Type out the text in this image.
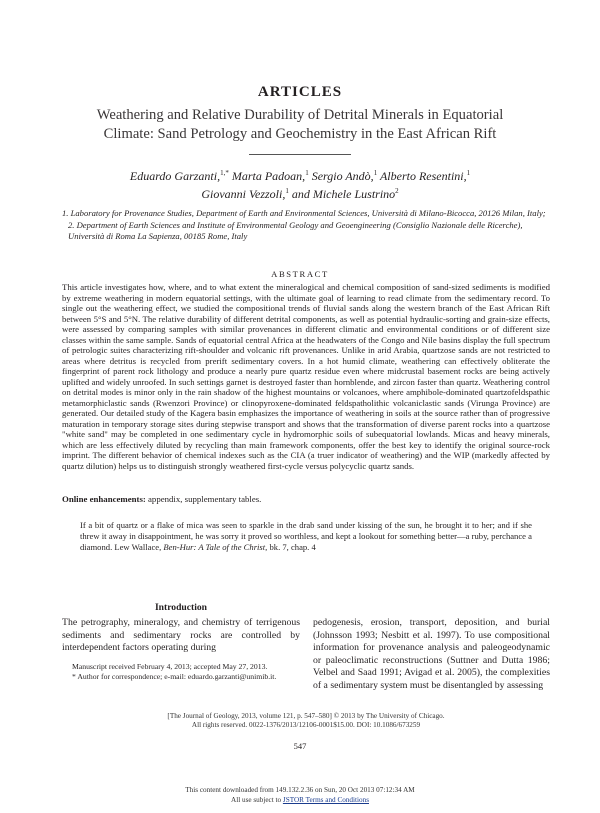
ARTICLES
Weathering and Relative Durability of Detrital Minerals in Equatorial
Climate: Sand Petrology and Geochemistry in the East African Rift
Eduardo Garzanti,$^{1,*}$ Marta Padoan,$^1$ Sergio Andò,$^1$ Alberto Resentini,$^1$
Giovanni Vezzoli,$^1$ and Michele Lustrino$^2$
1. Laboratory for Provenance Studies, Department of Earth and Environmental Sciences, Università di Milano-Bicocca, 20126 Milan, Italy; 2. Department of Earth Sciences and Institute of Environmental Geology and Geoengineering (Consiglio Nazionale delle Ricerche), Università di Roma La Sapienza, 00185 Rome, Italy
ABSTRACT
This article investigates how, where, and to what extent the mineralogical and chemical composition of sand-sized sediments is modified by extreme weathering in modern equatorial settings, with the ultimate goal of learning to read climate from the sedimentary record. To single out the weathering effect, we studied the compositional trends of fluvial sands along the western branch of the East African Rift between 5°S and 5°N. The relative durability of different detrital components, as well as potential hydraulic-sorting and grain-size effects, were assessed by comparing samples with similar provenances in different climatic and environmental conditions or of different size classes within the same sample. Sands of equatorial central Africa at the headwaters of the Congo and Nile basins display the full spectrum of petrologic suites characterizing rift-shoulder and volcanic rift provenances. Unlike in arid Arabia, quartzose sands are not restricted to areas where detritus is recycled from prerift sedimentary covers. In a hot humid climate, weathering can effectively obliterate the fingerprint of parent rock lithology and produce a nearly pure quartz residue even where midcrustal basement rocks are being actively uplifted and widely unroofed. In such settings garnet is destroyed faster than hornblende, and zircon faster than quartz. Weathering control on detrital modes is minor only in the rain shadow of the highest mountains or volcanoes, where amphibole-dominated quartzofeldspathic metamorphiclastic sands (Rwenzori Province) or clinopyroxene-dominated feldspatholithic volcaniclastic sands (Virunga Province) are generated. Our detailed study of the Kagera basin emphasizes the importance of weathering in soils at the source rather than of progressive maturation in temporary storage sites during stepwise transport and shows that the transformation of diverse parent rocks into a quartzose "white sand" may be completed in one sedimentary cycle in hydromorphic soils of subequatorial lowlands. Micas and heavy minerals, which are less effectively diluted by recycling than main framework components, offer the best key to identify the original source-rock imprint. The different behavior of chemical indexes such as the CIA (a truer indicator of weathering) and the WIP (markedly affected by quartz dilution) helps us to distinguish strongly weathered first-cycle versus polycyclic quartz sands.
Online enhancements: appendix, supplementary tables.
If a bit of quartz or a flake of mica was seen to sparkle in the drab sand under kissing of the sun, he brought it to her; and if she threw it away in disappointment, he was sorry it proved so worthless, and kept a lookout for something better—a ruby, perchance a diamond. Lew Wallace, Ben-Hur: A Tale of the Christ, bk. 7, chap. 4
Introduction
The petrography, mineralogy, and chemistry of terrigenous sediments and sedimentary rocks are controlled by interdependent factors operating during
pedogenesis, erosion, transport, deposition, and burial (Johnsson 1993; Nesbitt et al. 1997). To use compositional information for provenance analysis and paleogeodynamic or paleoclimatic reconstructions (Suttner and Dutta 1986; Velbel and Saad 1991; Avigad et al. 2005), the complexities of a sedimentary system must be disentangled by assessing

Manuscript received February 4, 2013; accepted May 27, 2013.

* Author for correspondence; e-mail: eduardo.garzanti@unimib.it.

[The Journal of Geology, 2013, volume 121, p. 547–580] © 2013 by The University of Chicago.
All rights reserved. 0022-1376/2013/12106-0001$15.00. DOI: 10.1086/673259
547
This content downloaded from 149.132.2.36 on Sun, 20 Oct 2013 07:12:34 AM
All use subject to JSTOR Terms and Conditions
